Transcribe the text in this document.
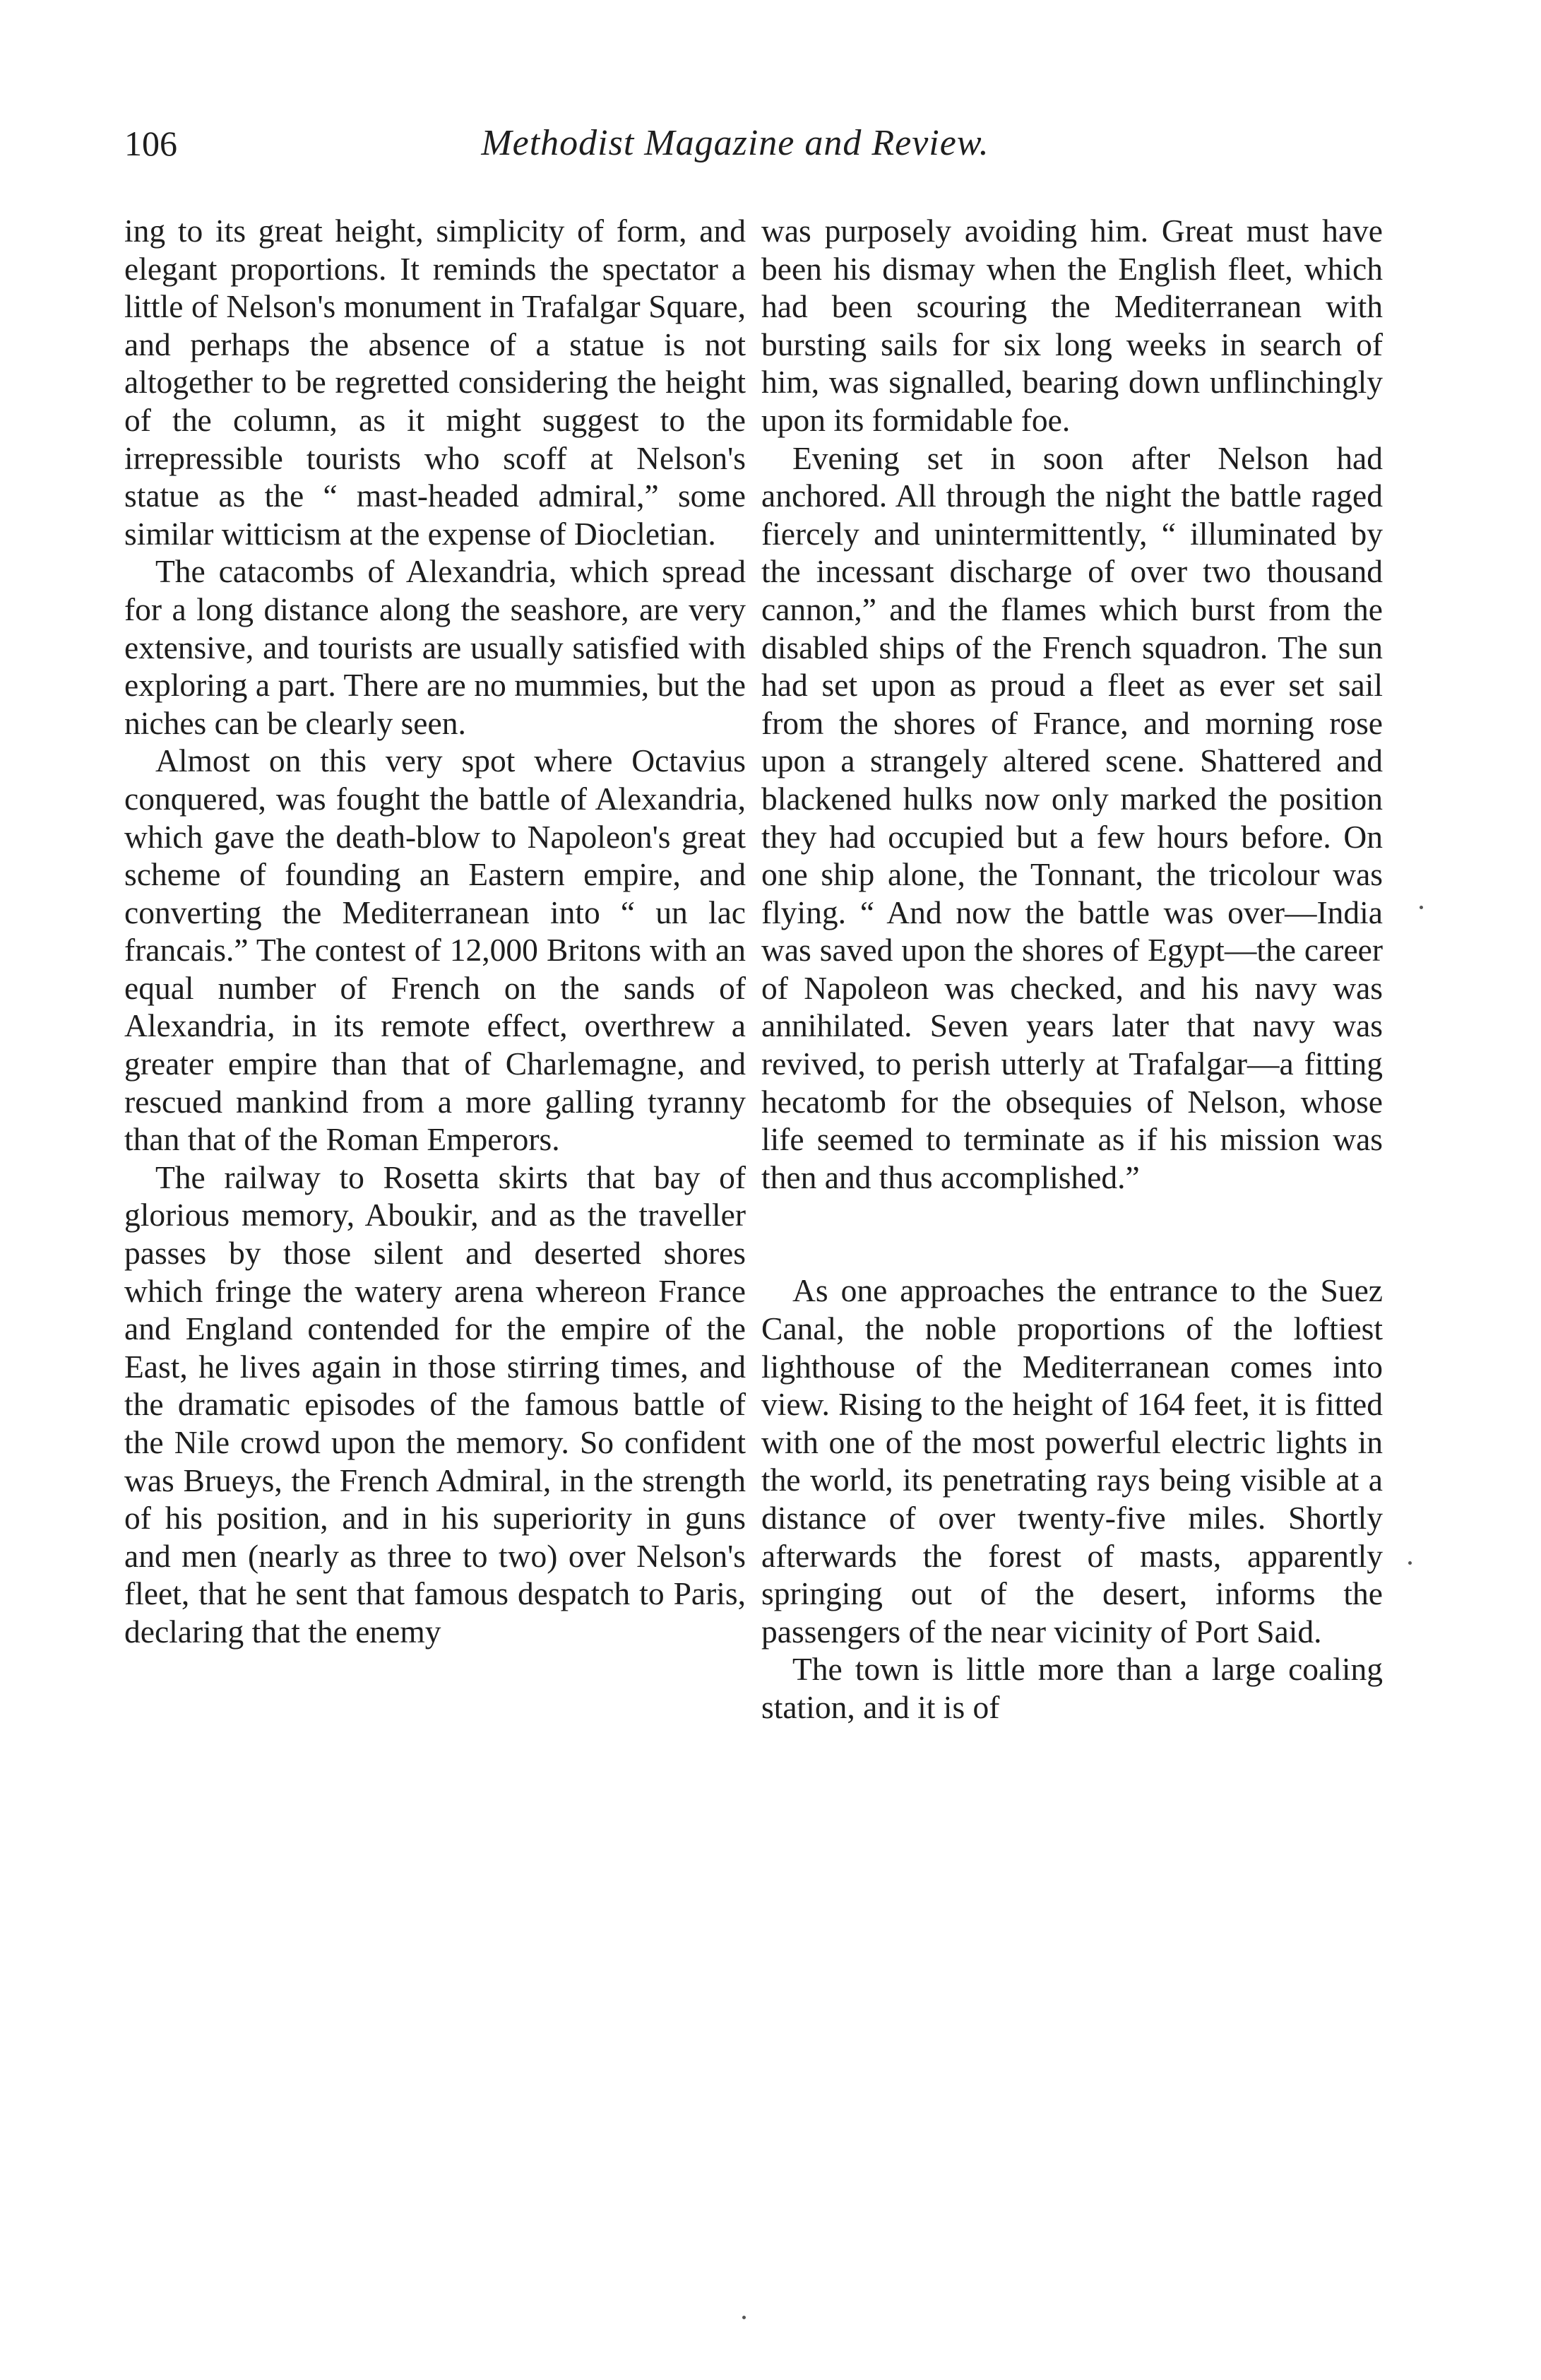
106	Methodist Magazine and Review.

ing to its great height, simplicity of form, and elegant proportions. It reminds the spectator a little of Nelson's monument in Trafalgar Square, and perhaps the absence of a statue is not altogether to be regretted considering the height of the column, as it might suggest to the irrepressible tourists who scoff at Nelson's statue as the “ mast-headed admiral,” some similar witticism at the expense of Diocletian.

The catacombs of Alexandria, which spread for a long distance along the seashore, are very extensive, and tourists are usually satisfied with exploring a part. There are no mummies, but the niches can be clearly seen.

Almost on this very spot where Octavius conquered, was fought the battle of Alexandria, which gave the death-blow to Napoleon's great scheme of founding an Eastern empire, and converting the Mediterranean into “ un lac francais.” The contest of 12,000 Britons with an equal number of French on the sands of Alexandria, in its remote effect, overthrew a greater empire than that of Charlemagne, and rescued mankind from a more galling tyranny than that of the Roman Emperors.

The railway to Rosetta skirts that bay of glorious memory, Aboukir, and as the traveller passes by those silent and deserted shores which fringe the watery arena whereon France and England contended for the empire of the East, he lives again in those stirring times, and the dramatic episodes of the famous battle of the Nile crowd upon the memory. So confident was Brueys, the French Admiral, in the strength of his position, and in his superiority in guns and men (nearly as three to two) over Nelson's fleet, that he sent that famous despatch to Paris, declaring that the enemy

was purposely avoiding him. Great must have been his dismay when the English fleet, which had been scouring the Mediterranean with bursting sails for six long weeks in search of him, was signalled, bearing down unflinchingly upon its formidable foe.

Evening set in soon after Nelson had anchored. All through the night the battle raged fiercely and unintermittently, “ illuminated by the incessant discharge of over two thousand cannon,” and the flames which burst from the disabled ships of the French squadron. The sun had set upon as proud a fleet as ever set sail from the shores of France, and morning rose upon a strangely altered scene. Shattered and blackened hulks now only marked the position they had occupied but a few hours before. On one ship alone, the Tonnant, the tricolour was flying. “ And now the battle was over—India was saved upon the shores of Egypt—the career of Napoleon was checked, and his navy was annihilated. Seven years later that navy was revived, to perish utterly at Trafalgar—a fitting hecatomb for the obsequies of Nelson, whose life seemed to terminate as if his mission was then and thus accomplished.”

As one approaches the entrance to the Suez Canal, the noble proportions of the loftiest lighthouse of the Mediterranean comes into view. Rising to the height of 164 feet, it is fitted with one of the most powerful electric lights in the world, its penetrating rays being visible at a distance of over twenty-five miles. Shortly afterwards the forest of masts, apparently springing out of the desert, informs the passengers of the near vicinity of Port Said.

The town is little more than a large coaling station, and it is of
